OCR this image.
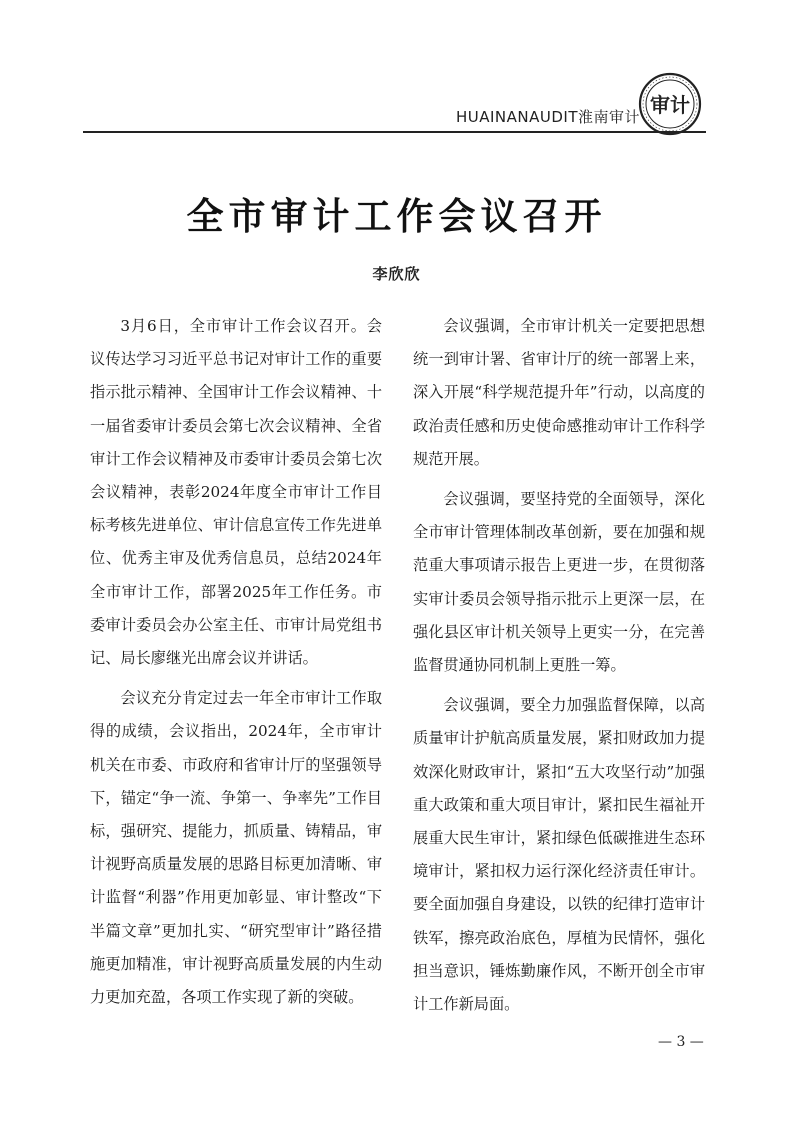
审计
HUAINANAUDIT淮南审计
全市审计工作会议召开
李欣欣

3月6日，全市审计工作会议召开。会议传达学习习近平总书记对审计工作的重要指示批示精神、全国审计工作会议精神、十一届省委审计委员会第七次会议精神、全省审计工作会议精神及市委审计委员会第七次会议精神，表彰2024年度全市审计工作目标考核先进单位、审计信息宣传工作先进单位、优秀主审及优秀信息员，总结2024年全市审计工作，部署2025年工作任务。市委审计委员会办公室主任、市审计局党组书记、局长廖继光出席会议并讲话。

会议充分肯定过去一年全市审计工作取得的成绩，会议指出，2024年，全市审计机关在市委、市政府和省审计厅的坚强领导下，锚定“争一流、争第一、争率先”工作目标，强研究、提能力，抓质量、铸精品，审计视野高质量发展的思路目标更加清晰、审计监督“利器”作用更加彰显、审计整改“下半篇文章”更加扎实、“研究型审计”路径措施更加精准，审计视野高质量发展的内生动力更加充盈，各项工作实现了新的突破。

会议强调，全市审计机关一定要把思想统一到审计署、省审计厅的统一部署上来，深入开展“科学规范提升年”行动，以高度的政治责任感和历史使命感推动审计工作科学规范开展。

会议强调，要坚持党的全面领导，深化全市审计管理体制改革创新，要在加强和规范重大事项请示报告上更进一步，在贯彻落实审计委员会领导指示批示上更深一层，在强化县区审计机关领导上更实一分，在完善监督贯通协同机制上更胜一筹。

会议强调，要全力加强监督保障，以高质量审计护航高质量发展，紧扣财政加力提效深化财政审计，紧扣“五大攻坚行动”加强重大政策和重大项目审计，紧扣民生福祉开展重大民生审计，紧扣绿色低碳推进生态环境审计，紧扣权力运行深化经济责任审计。要全面加强自身建设，以铁的纪律打造审计铁军，擦亮政治底色，厚植为民情怀，强化担当意识，锤炼勤廉作风，不断开创全市审计工作新局面。

— 3 —
